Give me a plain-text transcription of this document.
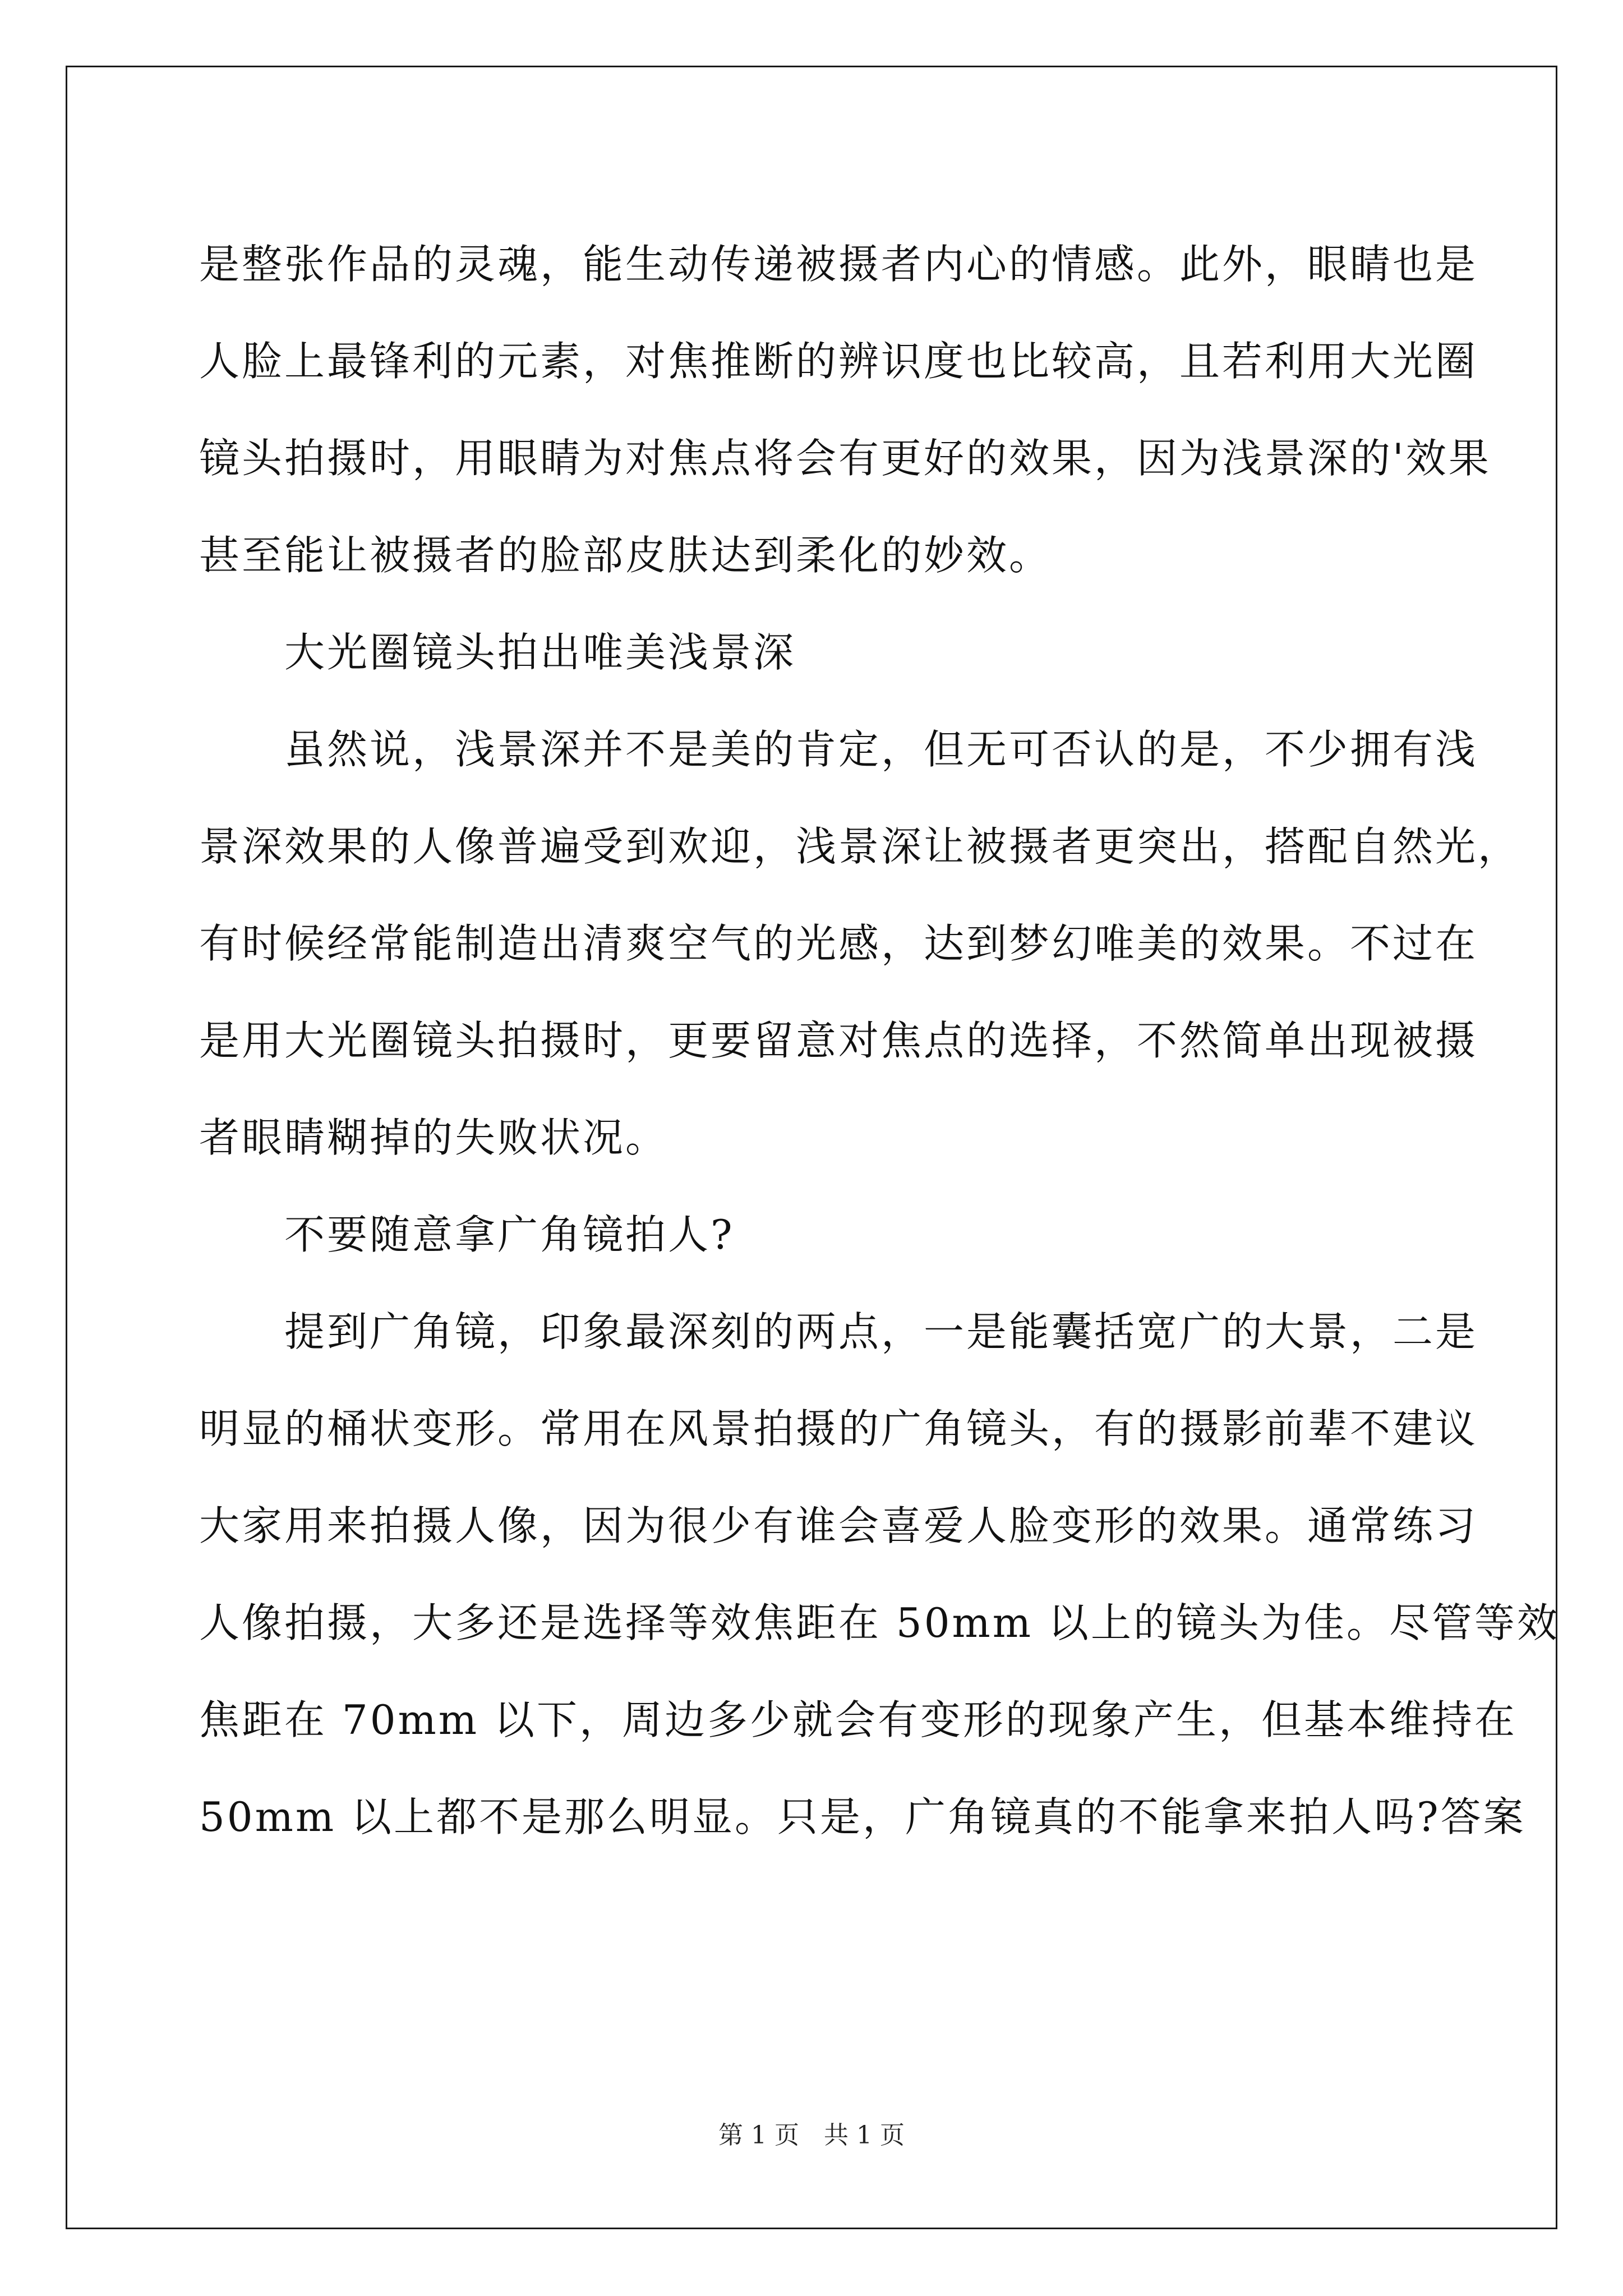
是整张作品的灵魂，能生动传递被摄者内心的情感。此外，眼睛也是
人脸上最锋利的元素，对焦推断的辨识度也比较高，且若利用大光圈
镜头拍摄时，用眼睛为对焦点将会有更好的效果，因为浅景深的'效果
甚至能让被摄者的脸部皮肤达到柔化的妙效。

大光圈镜头拍出唯美浅景深

虽然说，浅景深并不是美的肯定，但无可否认的是，不少拥有浅
景深效果的人像普遍受到欢迎，浅景深让被摄者更突出，搭配自然光，
有时候经常能制造出清爽空气的光感，达到梦幻唯美的效果。不过在
是用大光圈镜头拍摄时，更要留意对焦点的选择，不然简单出现被摄
者眼睛糊掉的失败状况。

不要随意拿广角镜拍人?

提到广角镜，印象最深刻的两点，一是能囊括宽广的大景，二是
明显的桶状变形。常用在风景拍摄的广角镜头，有的摄影前辈不建议
大家用来拍摄人像，因为很少有谁会喜爱人脸变形的效果。通常练习
人像拍摄，大多还是选择等效焦距在 50mm 以上的镜头为佳。尽管等效
焦距在 70mm 以下，周边多少就会有变形的现象产生，但基本维持在
50mm 以上都不是那么明显。只是，广角镜真的不能拿来拍人吗?答案

第 1 页　共 1 页
